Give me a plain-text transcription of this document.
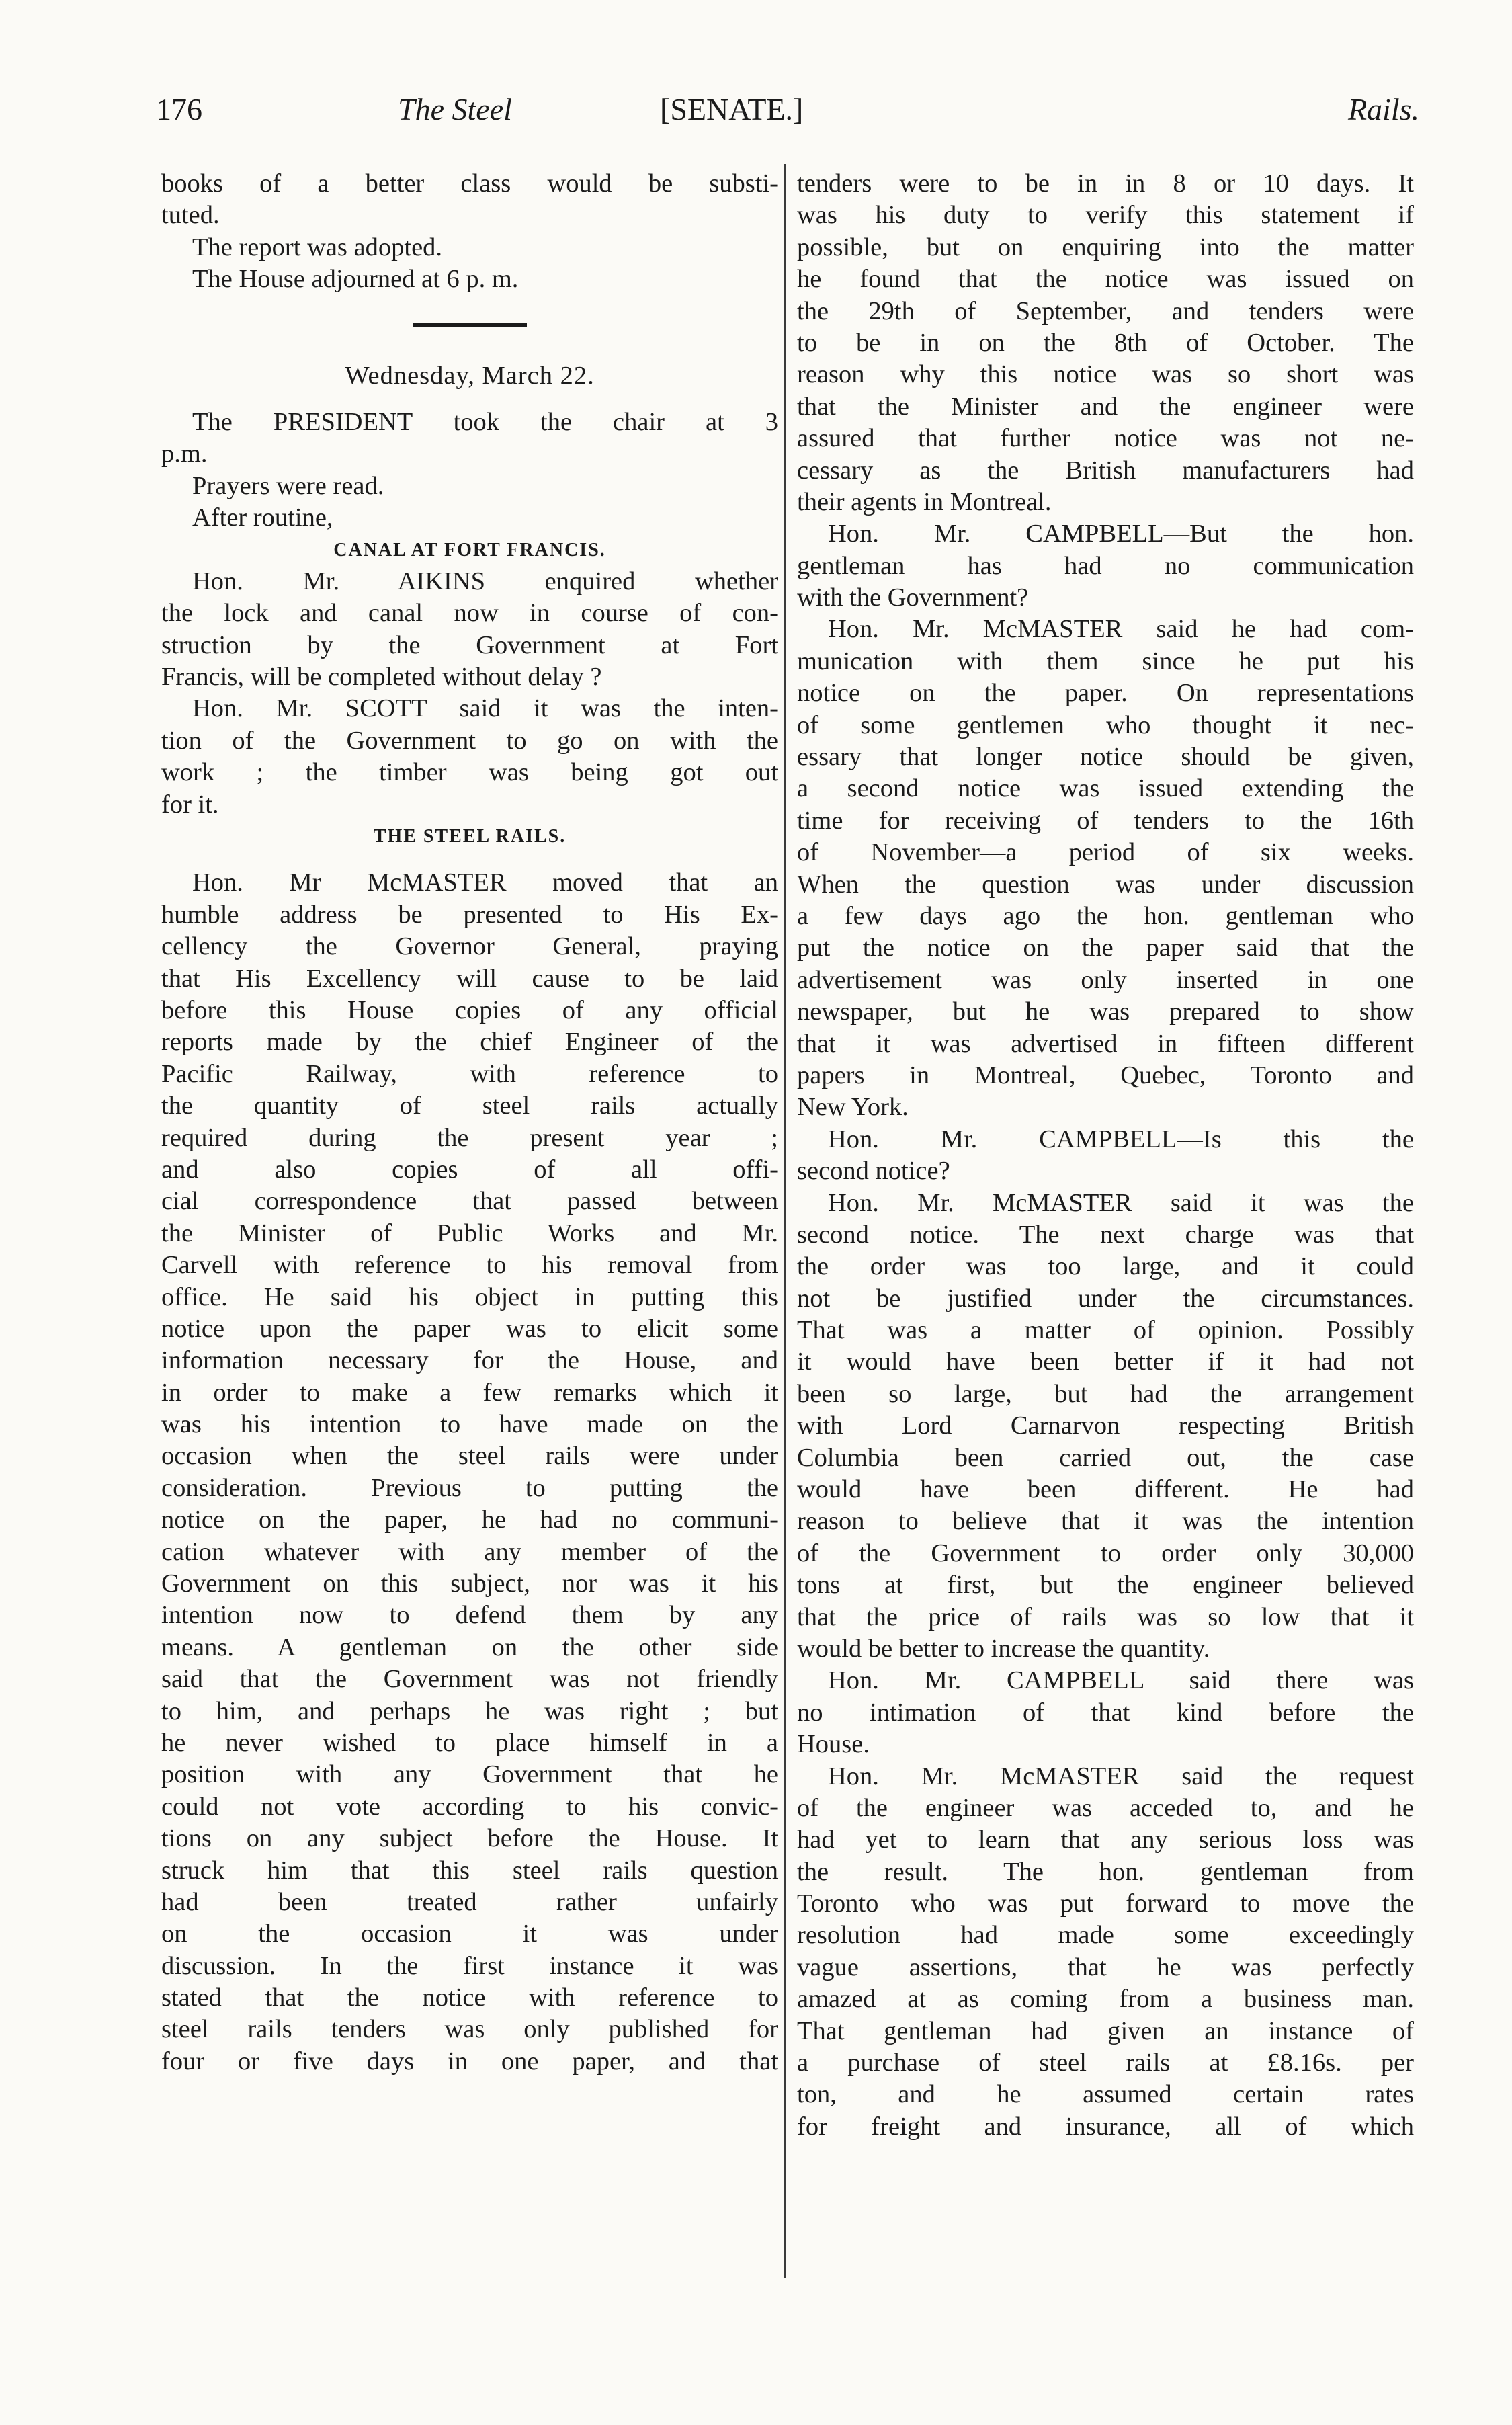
176	The Steel	[SENATE.]	Rails.
books of a better class would be substi-
tuted.
The report was adopted.
The House adjourned at 6 p. m.
Wednesday, March 22.
The PRESIDENT took the chair at 3
p.m.
Prayers were read.
After routine,
CANAL AT FORT FRANCIS.
Hon. Mr. AIKINS enquired whether
the lock and canal now in course of con-
struction by the Government at Fort
Francis, will be completed without delay ?
Hon. Mr. SCOTT said it was the inten-
tion of the Government to go on with the
work ; the timber was being got out
for it.
THE STEEL RAILS.
Hon. Mr McMASTER moved that an
humble address be presented to His Ex-
cellency the Governor General, praying
that His Excellency will cause to be laid
before this House copies of any official
reports made by the chief Engineer of the
Pacific Railway, with reference to
the quantity of steel rails actually
required during the present year ;
and also copies of all offi-
cial correspondence that passed between
the Minister of Public Works and Mr.
Carvell with reference to his removal from
office. He said his object in putting this
notice upon the paper was to elicit some
information necessary for the House, and
in order to make a few remarks which it
was his intention to have made on the
occasion when the steel rails were under
consideration. Previous to putting the
notice on the paper, he had no communi-
cation whatever with any member of the
Government on this subject, nor was it his
intention now to defend them by any
means. A gentleman on the other side
said that the Government was not friendly
to him, and perhaps he was right ; but
he never wished to place himself in a
position with any Government that he
could not vote according to his convic-
tions on any subject before the House. It
struck him that this steel rails question
had been treated rather unfairly
on the occasion it was under
discussion. In the first instance it was
stated that the notice with reference to
steel rails tenders was only published for
four or five days in one paper, and that
tenders were to be in in 8 or 10 days. It
was his duty to verify this statement if
possible, but on enquiring into the matter
he found that the notice was issued on
the 29th of September, and tenders were
to be in on the 8th of October. The
reason why this notice was so short was
that the Minister and the engineer were
assured that further notice was not ne-
cessary as the British manufacturers had
their agents in Montreal.
Hon. Mr. CAMPBELL—But the hon.
gentleman has had no communication
with the Government?
Hon. Mr. McMASTER said he had com-
munication with them since he put his
notice on the paper. On representations
of some gentlemen who thought it nec-
essary that longer notice should be given,
a second notice was issued extending the
time for receiving of tenders to the 16th
of November—a period of six weeks.
When the question was under discussion
a few days ago the hon. gentleman who
put the notice on the paper said that the
advertisement was only inserted in one
newspaper, but he was prepared to show
that it was advertised in fifteen different
papers in Montreal, Quebec, Toronto and
New York.
Hon. Mr. CAMPBELL—Is this the
second notice?
Hon. Mr. McMASTER said it was the
second notice. The next charge was that
the order was too large, and it could
not be justified under the circumstances.
That was a matter of opinion. Possibly
it would have been better if it had not
been so large, but had the arrangement
with Lord Carnarvon respecting British
Columbia been carried out, the case
would have been different. He had
reason to believe that it was the intention
of the Government to order only 30,000
tons at first, but the engineer believed
that the price of rails was so low that it
would be better to increase the quantity.
Hon. Mr. CAMPBELL said there was
no intimation of that kind before the
House.
Hon. Mr. McMASTER said the request
of the engineer was acceded to, and he
had yet to learn that any serious loss was
the result. The hon. gentleman from
Toronto who was put forward to move the
resolution had made some exceedingly
vague assertions, that he was perfectly
amazed at as coming from a business man.
That gentleman had given an instance of
a purchase of steel rails at £8.16s. per
ton, and he assumed certain rates
for freight and insurance, all of which
